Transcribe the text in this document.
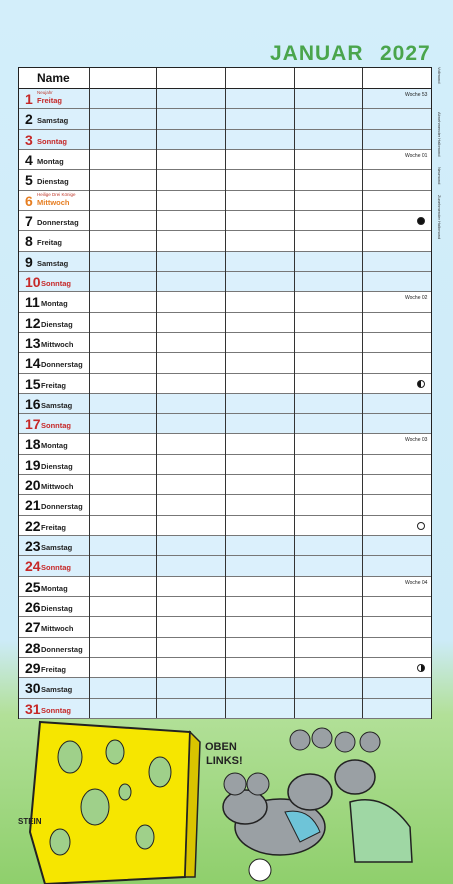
JANUAR 2027
Name
1 Freitag
Neujahr	Woche 53
2 Samstag
3 Sonntag
4 Montag
Woche 01
5 Dienstag
6 Mittwoch
Heilige Drei Könige
7 Donnerstag
8 Freitag
9 Samstag
10 Sonntag
11 Montag
Woche 02
12 Dienstag
13 Mittwoch
14 Donnerstag
15 Freitag
16 Samstag
17 Sonntag
18 Montag
Woche 03
19 Dienstag
20 Mittwoch
21 Donnerstag
22 Freitag
23 Samstag
24 Sonntag
25 Montag
Woche 04
26 Dienstag
27 Mittwoch
28 Donnerstag
29 Freitag
30 Samstag
31 Sonntag
Vollmond
Abnehmender Halbmond
Neumond
Zunehmender Halbmond
OBEN
LINKS!
STEIN
